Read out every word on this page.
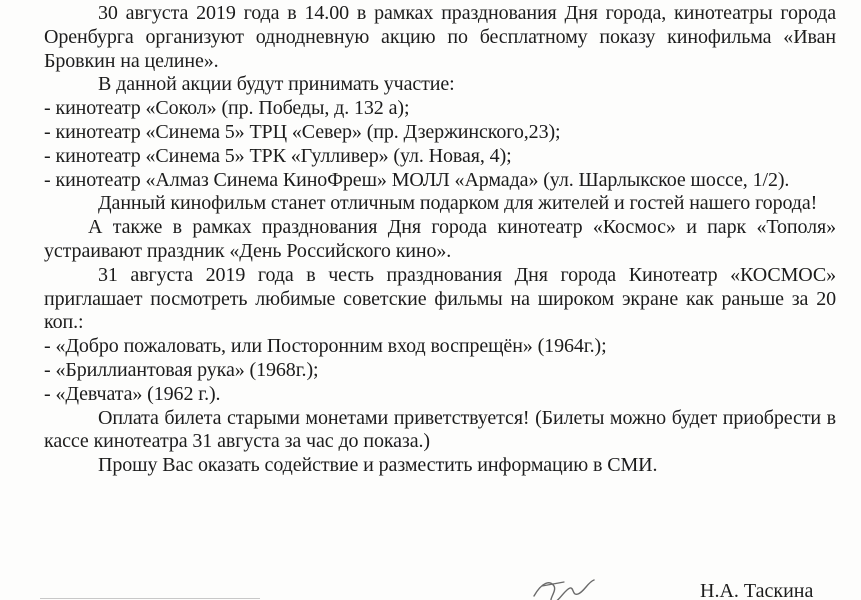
30 августа 2019 года в 14.00 в рамках празднования Дня города, кинотеатры города Оренбурга организуют однодневную акцию по бесплатному показу кинофильма «Иван Бровкин на целине».

В данной акции будут принимать участие:

- кинотеатр «Сокол» (пр. Победы, д. 132 а);

- кинотеатр «Синема 5» ТРЦ «Север» (пр. Дзержинского,23);

- кинотеатр «Синема 5» ТРК «Гулливер» (ул. Новая, 4);

- кинотеатр «Алмаз Синема КиноФреш» МОЛЛ «Армада» (ул. Шарлыкское шоссе, 1/2).

Данный кинофильм станет отличным подарком для жителей и гостей нашего города!

А также в рамках празднования Дня города кинотеатр «Космос» и парк «Тополя» устраивают праздник «День Российского кино».

31 августа 2019 года в честь празднования Дня города Кинотеатр «КОСМОС» приглашает посмотреть любимые советские фильмы на широком экране как раньше за 20 коп.:

- «Добро пожаловать, или Посторонним вход воспрещён» (1964г.);

- «Бриллиантовая рука» (1968г.);

- «Девчата» (1962 г.).

Оплата билета старыми монетами приветствуется! (Билеты можно будет приобрести в кассе кинотеатра 31 августа за час до показа.)

Прошу Вас оказать содействие и разместить информацию в СМИ.

Н.А. Таскина
